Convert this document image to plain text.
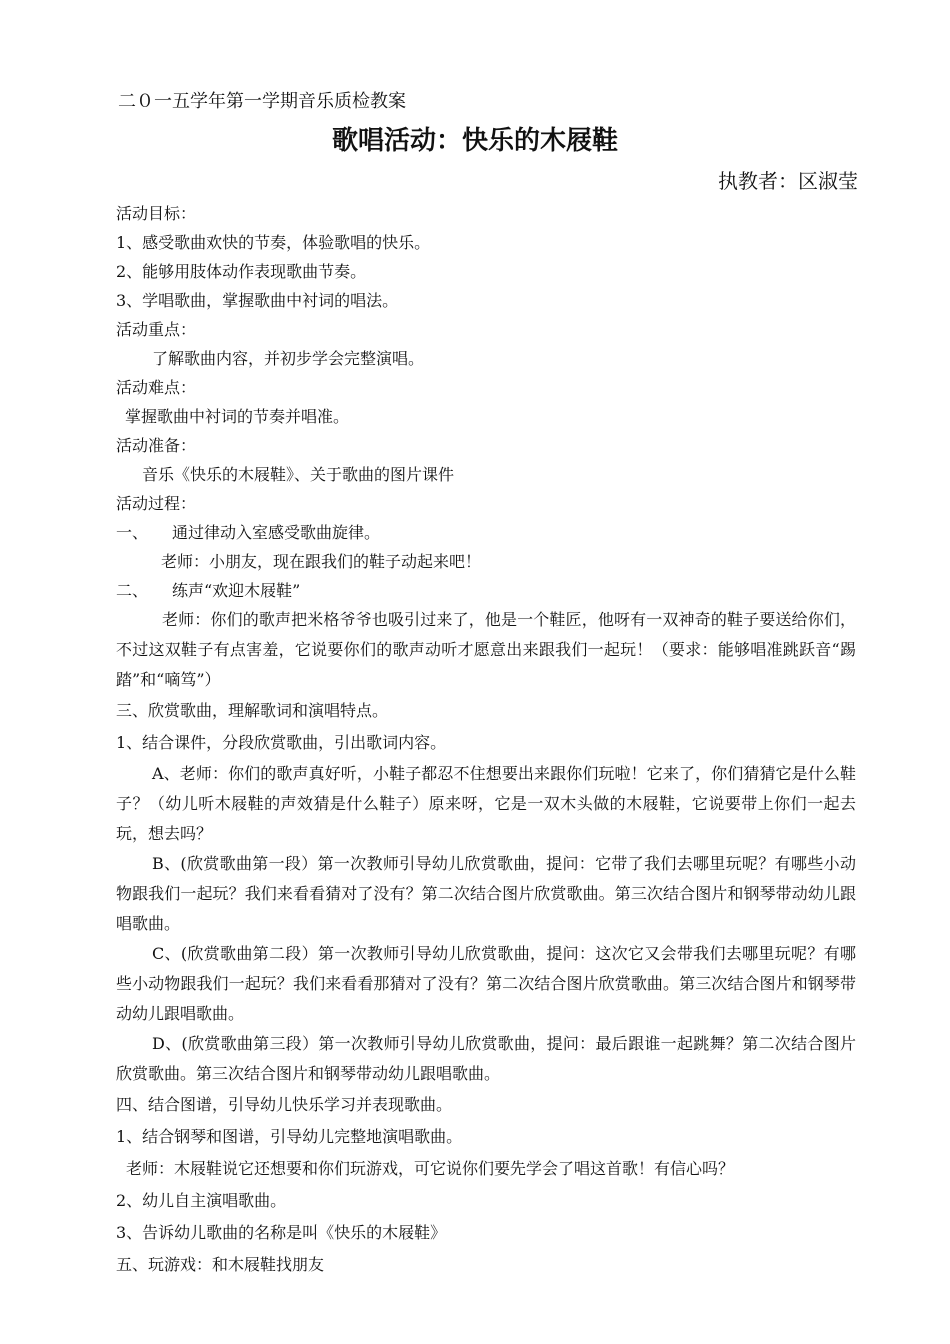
二０一五学年第一学期音乐质检教案
歌唱活动：快乐的木屐鞋
执教者：区淑莹
活动目标：
1、感受歌曲欢快的节奏，体验歌唱的快乐。
2、能够用肢体动作表现歌曲节奏。
3、学唱歌曲，掌握歌曲中衬词的唱法。
活动重点：
了解歌曲内容，并初步学会完整演唱。
活动难点：
掌握歌曲中衬词的节奏并唱准。
活动准备：
音乐《快乐的木屐鞋》、关于歌曲的图片课件
活动过程：
一、	通过律动入室感受歌曲旋律。
老师：小朋友，现在跟我们的鞋子动起来吧！
二、	练声“欢迎木屐鞋”
老师：你们的歌声把米格爷爷也吸引过来了，他是一个鞋匠，他呀有一双神奇的鞋子要送给你们，不过这双鞋子有点害羞，它说要你们的歌声动听才愿意出来跟我们一起玩！（要求：能够唱准跳跃音“踢踏”和“嘀笃”）
三、欣赏歌曲，理解歌词和演唱特点。
1、结合课件，分段欣赏歌曲，引出歌词内容。
A、老师：你们的歌声真好听，小鞋子都忍不住想要出来跟你们玩啦！它来了，你们猜猜它是什么鞋子？（幼儿听木屐鞋的声效猜是什么鞋子）原来呀，它是一双木头做的木屐鞋，它说要带上你们一起去玩，想去吗？
B、(欣赏歌曲第一段）第一次教师引导幼儿欣赏歌曲，提问：它带了我们去哪里玩呢？有哪些小动物跟我们一起玩？我们来看看猜对了没有？第二次结合图片欣赏歌曲。第三次结合图片和钢琴带动幼儿跟唱歌曲。
C、(欣赏歌曲第二段）第一次教师引导幼儿欣赏歌曲，提问：这次它又会带我们去哪里玩呢？有哪些小动物跟我们一起玩？我们来看看那猜对了没有？第二次结合图片欣赏歌曲。第三次结合图片和钢琴带动幼儿跟唱歌曲。
D、(欣赏歌曲第三段）第一次教师引导幼儿欣赏歌曲，提问：最后跟谁一起跳舞？第二次结合图片欣赏歌曲。第三次结合图片和钢琴带动幼儿跟唱歌曲。
四、结合图谱，引导幼儿快乐学习并表现歌曲。
1、结合钢琴和图谱，引导幼儿完整地演唱歌曲。
老师：木屐鞋说它还想要和你们玩游戏，可它说你们要先学会了唱这首歌！有信心吗？
2、幼儿自主演唱歌曲。
3、告诉幼儿歌曲的名称是叫《快乐的木屐鞋》
五、玩游戏：和木屐鞋找朋友
